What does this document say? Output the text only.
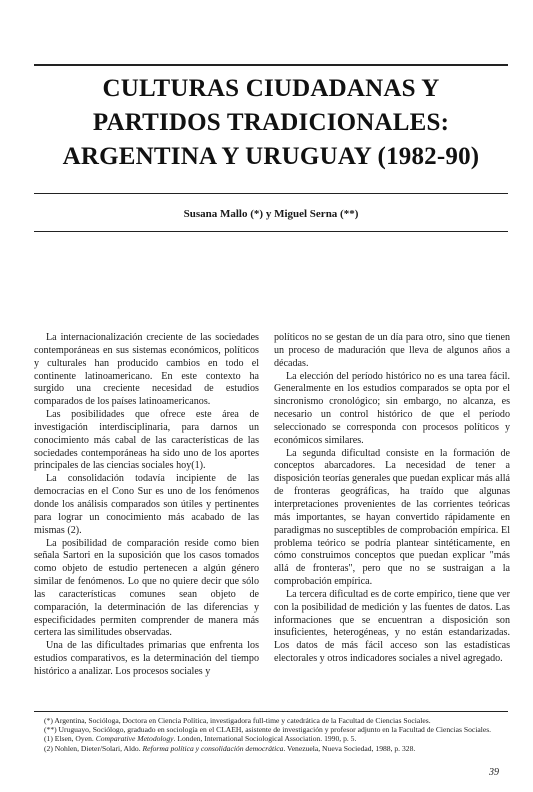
CULTURAS CIUDADANAS Y
PARTIDOS TRADICIONALES:
ARGENTINA Y URUGUAY (1982-90)
Susana Mallo (*) y Miguel Serna (**)

La internacionalización creciente de las sociedades contemporáneas en sus sistemas económicos, políticos y culturales han producido cambios en todo el continente latinoamericano. En este contexto ha surgido una creciente necesidad de estudios comparados de los países latinoamericanos.

Las posibilidades que ofrece este área de investigación interdisciplinaria, para darnos un conocimiento más cabal de las características de las sociedades contemporáneas ha sido uno de los aportes principales de las ciencias sociales hoy(1).

La consolidación todavía incipiente de las democracias en el Cono Sur es uno de los fenómenos donde los análisis comparados son útiles y pertinentes para lograr un conocimiento más acabado de las mismas (2).

La posibilidad de comparación reside como bien señala Sartori en la suposición que los casos tomados como objeto de estudio pertenecen a algún género similar de fenómenos. Lo que no quiere decir que sólo las características comunes sean objeto de comparación, la determinación de las diferencias y especificidades permiten comprender de manera más certera las similitudes observadas.

Una de las dificultades primarias que enfrenta los estudios comparativos, es la determinación del tiempo histórico a analizar. Los procesos sociales y

políticos no se gestan de un día para otro, sino que tienen un proceso de maduración que lleva de algunos años a décadas.

La elección del período histórico no es una tarea fácil. Generalmente en los estudios comparados se opta por el sincronismo cronológico; sin embargo, no alcanza, es necesario un control histórico de que el período seleccionado se corresponda con procesos políticos y económicos similares.

La segunda dificultad consiste en la formación de conceptos abarcadores. La necesidad de tener a disposición teorías generales que puedan explicar más allá de fronteras geográficas, ha traído que algunas interpretaciones provenientes de las corrientes teóricas más importantes, se hayan convertido rápidamente en paradigmas no susceptibles de comprobación empírica. El problema teórico se podría plantear sintéticamente, en cómo construimos conceptos que puedan explicar "más allá de fronteras", pero que no se sustraigan a la comprobación empírica.

La tercera dificultad es de corte empírico, tiene que ver con la posibilidad de medición y las fuentes de datos. Las informaciones que se encuentran a disposición son insuficientes, heterogéneas, y no están estandarizadas. Los datos de más fácil acceso son las estadísticas electorales y otros indicadores sociales a nivel agregado.

(*) Argentina, Socióloga, Doctora en Ciencia Política, investigadora full-time y catedrática de la Facultad de Ciencias Sociales.

(**) Uruguayo, Sociólogo, graduado en sociología en el CLAEH, asistente de investigación y profesor adjunto en la Facultad de Ciencias Sociales.

(1) Elsen, Oyen. Comparative Metodology. Londen, International Sociological Association. 1990, p. 5.

(2) Nohlen, Dieter/Solari, Aldo. Reforma política y consolidación democrática. Venezuela, Nueva Sociedad, 1988, p. 328.

39
